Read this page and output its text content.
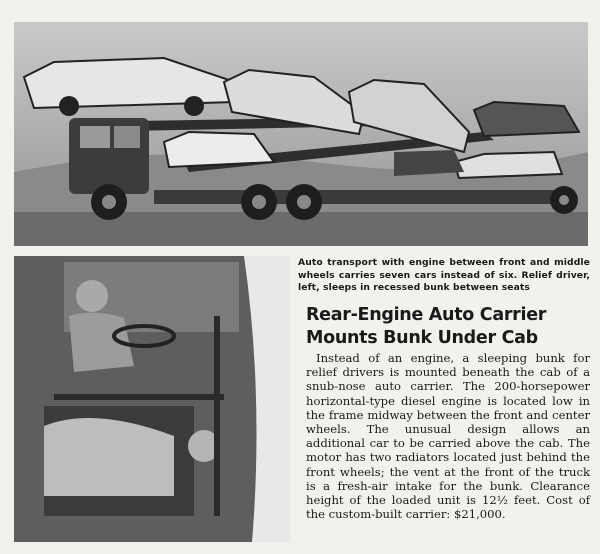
Auto transport with engine between front and middle wheels carries seven cars instead of six. Relief driver, left, sleeps in recessed bunk between seats
Rear-Engine Auto Carrier Mounts Bunk Under Cab

Instead of an engine, a sleeping bunk for relief drivers is mounted beneath the cab of a snub-nose auto carrier. The 200-horsepower horizontal-type diesel engine is located low in the frame midway between the front and center wheels. The unusual design allows an additional car to be carried above the cab. The motor has two radiators located just behind the front wheels; the vent at the front of the truck is a fresh-air intake for the bunk. Clearance height of the loaded unit is 12½ feet. Cost of the custom-built carrier: $21,000.
